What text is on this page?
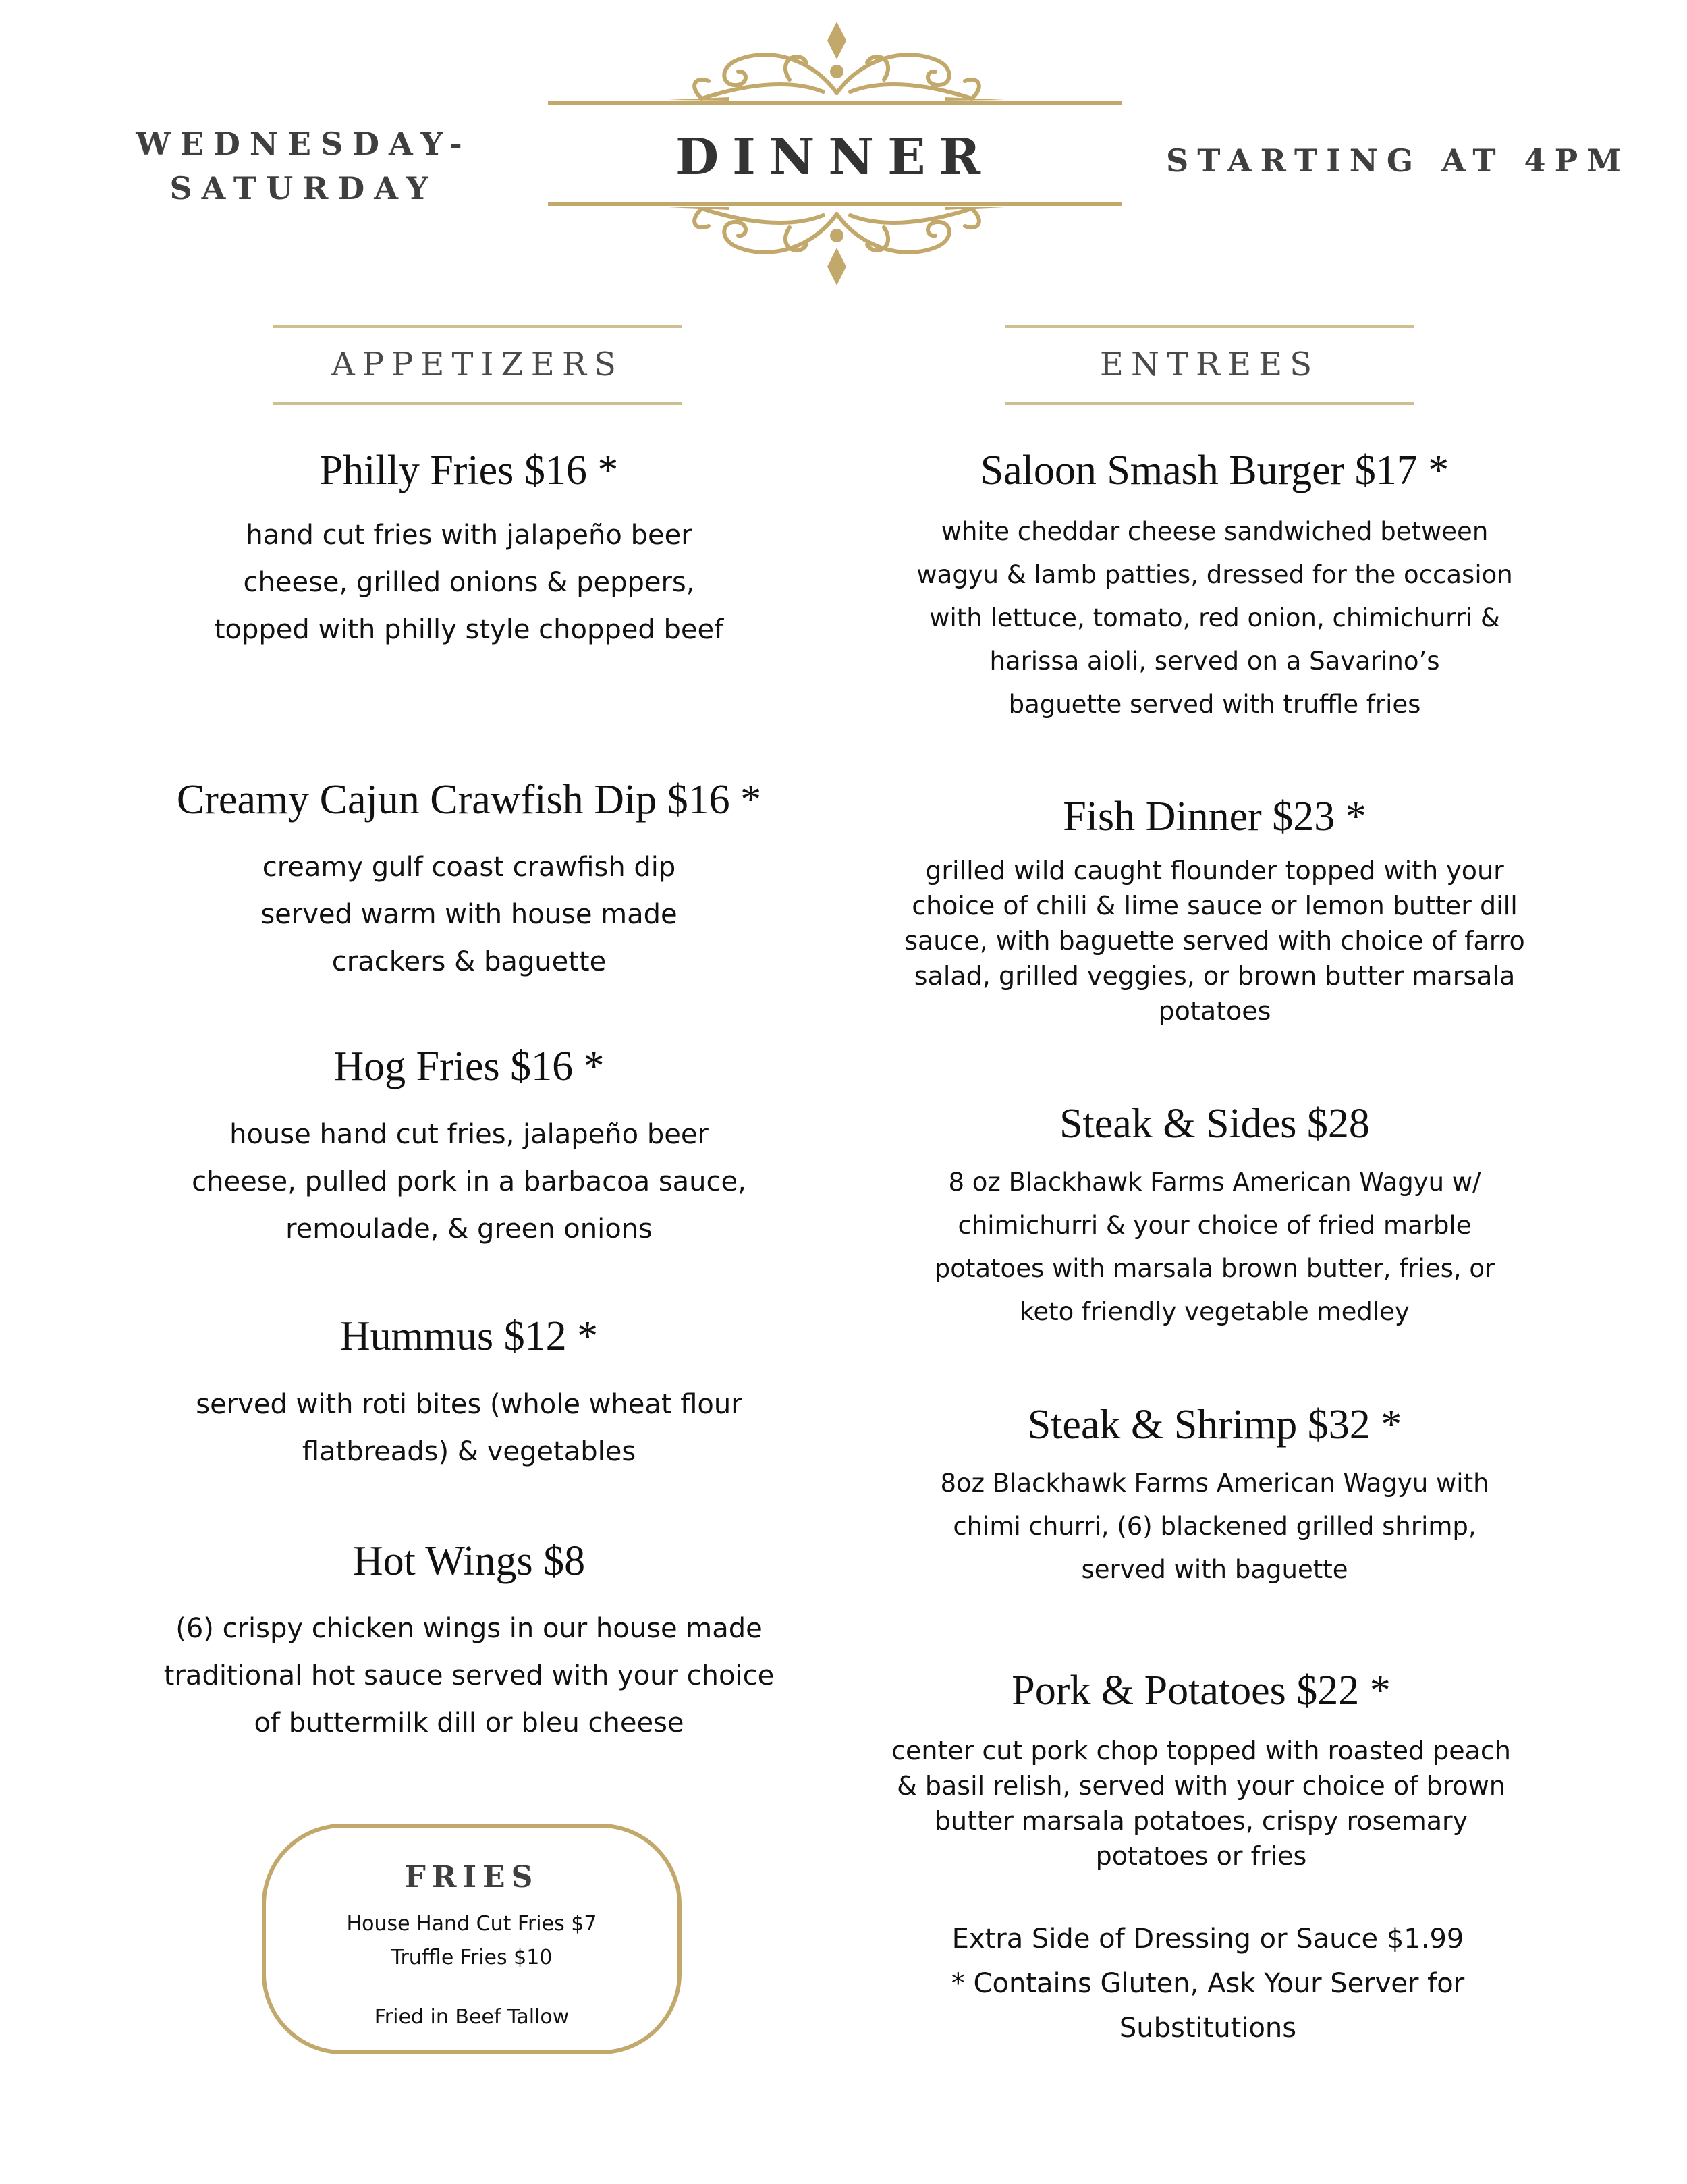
WEDNESDAY-
SATURDAY
STARTING AT 4PM
DINNER
APPETIZERS	ENTREES
Philly Fries $16 *
hand cut fries with jalapeño beer
cheese, grilled onions & peppers,
topped with philly style chopped beef
Creamy Cajun Crawfish Dip $16 *
creamy gulf coast crawfish dip
served warm with house made
crackers & baguette
Hog Fries $16 *
house hand cut fries, jalapeño beer
cheese, pulled pork in a barbacoa sauce,
remoulade, & green onions
Hummus $12 *
served with roti bites (whole wheat flour
flatbreads) & vegetables
Hot Wings $8
(6) crispy chicken wings in our house made
traditional hot sauce served with your choice
of buttermilk dill or bleu cheese
FRIES
House Hand Cut Fries $7
Truffle Fries $10
Fried in Beef Tallow
Saloon Smash Burger $17 *
white cheddar cheese sandwiched between
wagyu & lamb patties, dressed for the occasion
with lettuce, tomato, red onion, chimichurri &
harissa aioli, served on a Savarino’s
baguette served with truffle fries
Fish Dinner $23 *
grilled wild caught flounder topped with your
choice of chili & lime sauce or lemon butter dill
sauce, with baguette served with choice of farro
salad, grilled veggies, or brown butter marsala
potatoes
Steak & Sides $28
8 oz Blackhawk Farms American Wagyu w/
chimichurri & your choice of fried marble
potatoes with marsala brown butter, fries, or
keto friendly vegetable medley
Steak & Shrimp $32 *
8oz Blackhawk Farms American Wagyu with
chimi churri, (6) blackened grilled shrimp,
served with baguette
Pork & Potatoes $22 *
center cut pork chop topped with roasted peach
& basil relish, served with your choice of brown
butter marsala potatoes, crispy rosemary
potatoes or fries
Extra Side of Dressing or Sauce $1.99
* Contains Gluten, Ask Your Server for
Substitutions
